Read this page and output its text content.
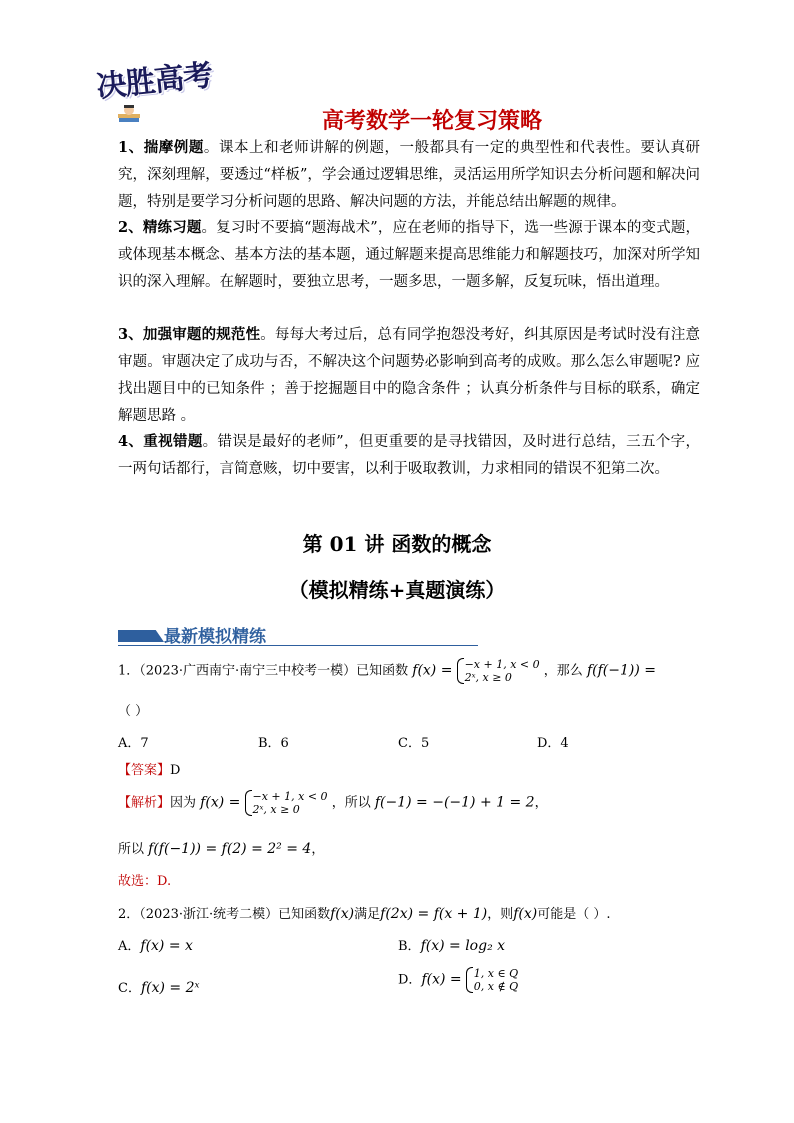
决胜高考
高考数学一轮复习策略
1、揣摩例题。课本上和老师讲解的例题，一般都具有一定的典型性和代表性。要认真研究，深刻理解，要透过“样板”，学会通过逻辑思维，灵活运用所学知识去分析问题和解决问题，特别是要学习分析问题的思路、解决问题的方法，并能总结出解题的规律。
2、精练习题。复习时不要搞“题海战术”，应在老师的指导下，选一些源于课本的变式题，或体现基本概念、基本方法的基本题，通过解题来提高思维能力和解题技巧，加深对所学知识的深入理解。在解题时，要独立思考，一题多思，一题多解，反复玩味，悟出道理。
3、加强审题的规范性。每每大考过后，总有同学抱怨没考好，纠其原因是考试时没有注意审题。审题决定了成功与否，不解决这个问题势必影响到高考的成败。那么怎么审题呢? 应找出题目中的已知条件 ；善于挖掘题目中的隐含条件 ；认真分析条件与目标的联系，确定解题思路 。
4、重视错题。错误是最好的老师”，但更重要的是寻找错因，及时进行总结，三五个字，一两句话都行，言简意赅，切中要害，以利于吸取教训，力求相同的错误不犯第二次。
第 01 讲 函数的概念
（模拟精练+真题演练）
最新模拟精练
1．（2023·广西南宁·南宁三中校考一模）已知函数 f(x) = −x + 1, x < 0
2ˣ, x ≥ 0	，那么 f(f(−1)) =
（ ）
A．7	B．6	C．5	D．4
【答案】D
【解析】因为 f(x) = −x + 1, x < 0
2ˣ, x ≥ 0	，所以 f(−1) = −(−1) + 1 = 2，
所以 f(f(−1)) = f(2) = 2² = 4，
故选：D.
2．（2023·浙江·统考二模）已知函数f(x)满足f(2x) = f(x + 1)，则f(x)可能是（ ）.
A．f(x) = x	B．f(x) = log₂ x
C．f(x) = 2ˣ	D．f(x) = 1, x ∈ Q
0, x ∉ Q
